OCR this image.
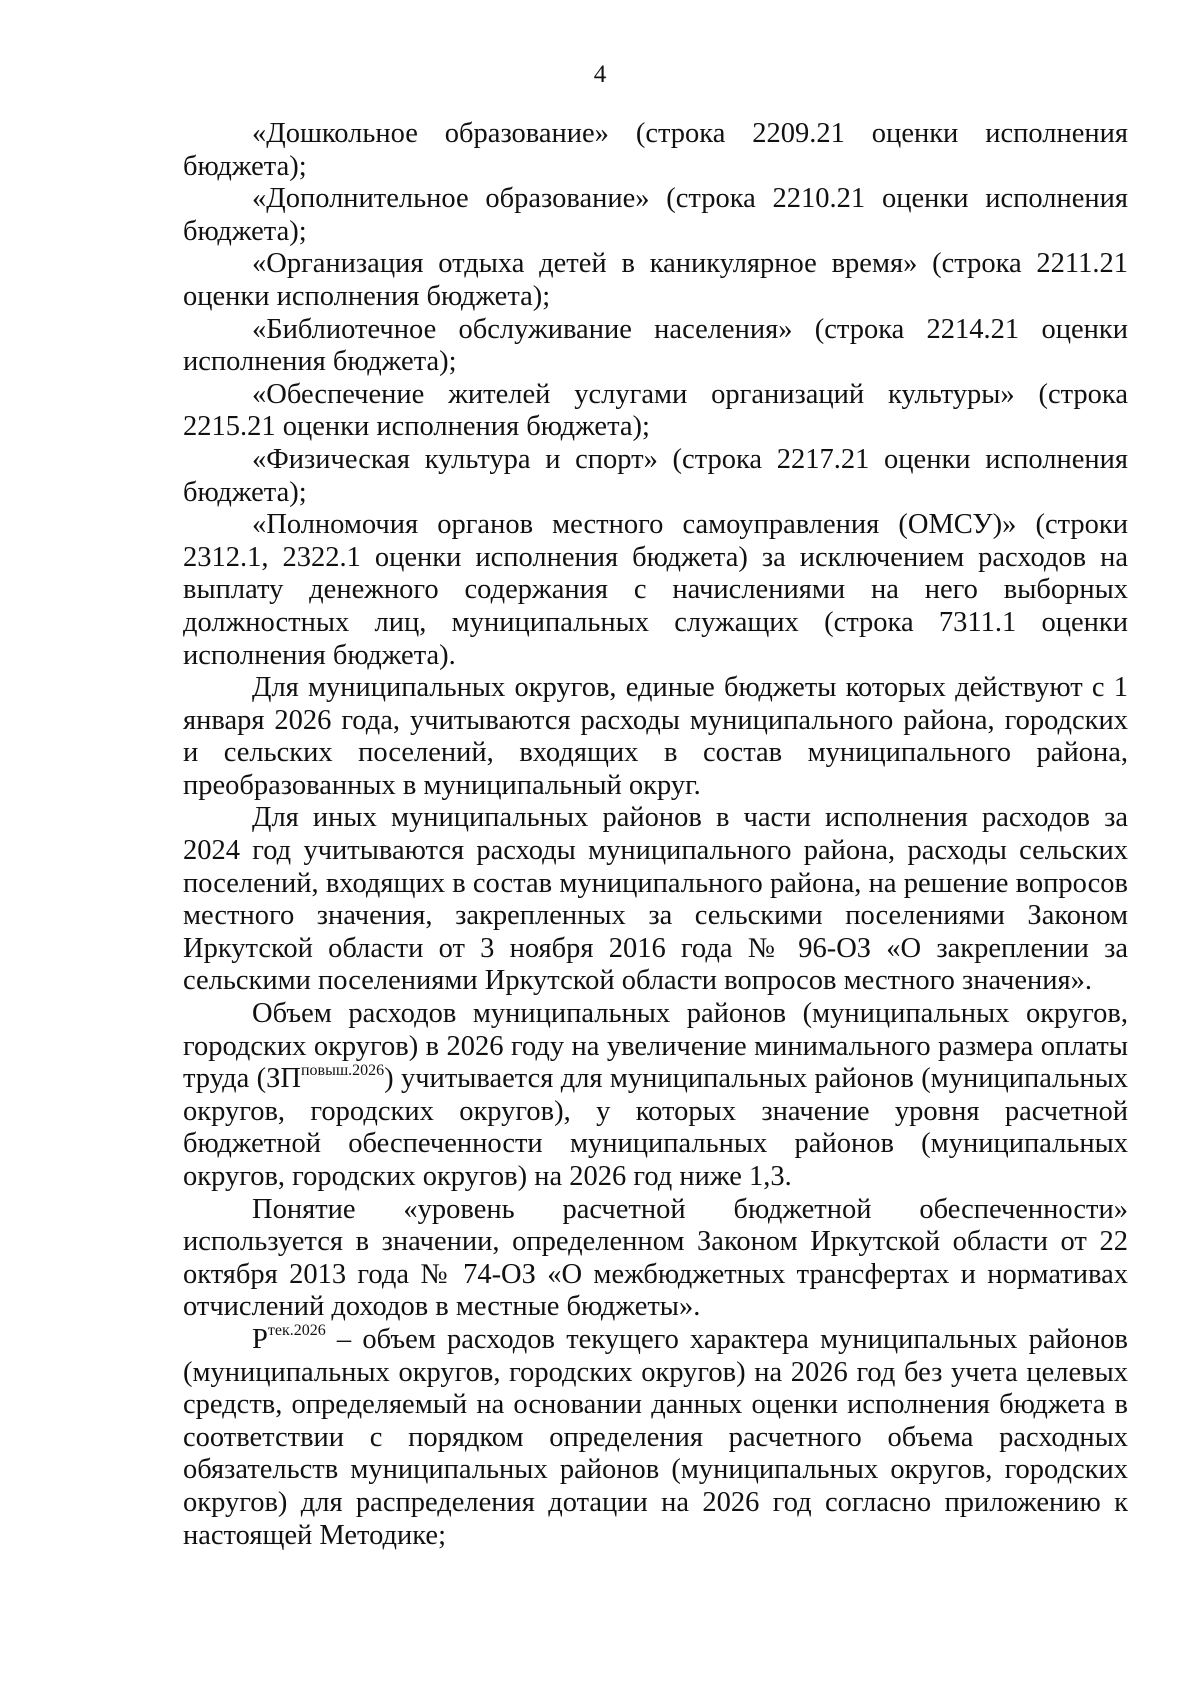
4

«Дошкольное образование» (строка 2209.21 оценки исполнения бюджета);

«Дополнительное образование» (строка 2210.21 оценки исполнения бюджета);

«Организация отдыха детей в каникулярное время» (строка 2211.21 оценки исполнения бюджета);

«Библиотечное обслуживание населения» (строка 2214.21 оценки исполнения бюджета);

«Обеспечение жителей услугами организаций культуры» (строка 2215.21 оценки исполнения бюджета);

«Физическая культура и спорт» (строка 2217.21 оценки исполнения бюджета);

«Полномочия органов местного самоуправления (ОМСУ)» (строки 2312.1, 2322.1 оценки исполнения бюджета) за исключением расходов на выплату денежного содержания с начислениями на него выборных должностных лиц, муниципальных служащих (строка 7311.1 оценки исполнения бюджета).

Для муниципальных округов, единые бюджеты которых действуют с 1 января 2026 года, учитываются расходы муниципального района, городских и сельских поселений, входящих в состав муниципального района, преобразованных в муниципальный округ.

Для иных муниципальных районов в части исполнения расходов за 2024 год учитываются расходы муниципального района, расходы сельских поселений, входящих в состав муниципального района, на решение вопросов местного значения, закрепленных за сельскими поселениями Законом Иркутской области от 3 ноября 2016 года № 96-ОЗ «О закреплении за сельскими поселениями Иркутской области вопросов местного значения».

Объем расходов муниципальных районов (муниципальных округов, городских округов) в 2026 году на увеличение минимального размера оплаты труда $(ЗП^{повыш.2026})$ учитывается для муниципальных районов (муниципальных округов, городских округов), у которых значение уровня расчетной бюджетной обеспеченности муниципальных районов (муниципальных округов, городских округов) на 2026 год ниже 1,3.

Понятие «уровень расчетной бюджетной обеспеченности» используется в значении, определенном Законом Иркутской области от 22 октября 2013 года № 74-ОЗ «О межбюджетных трансфертах и нормативах отчислений доходов в местные бюджеты».

$Р^{тек.2026}$ – объем расходов текущего характера муниципальных районов (муниципальных округов, городских округов) на 2026 год без учета целевых средств, определяемый на основании данных оценки исполнения бюджета в соответствии с порядком определения расчетного объема расходных обязательств муниципальных районов (муниципальных округов, городских округов) для распределения дотации на 2026 год согласно приложению к настоящей Методике;
